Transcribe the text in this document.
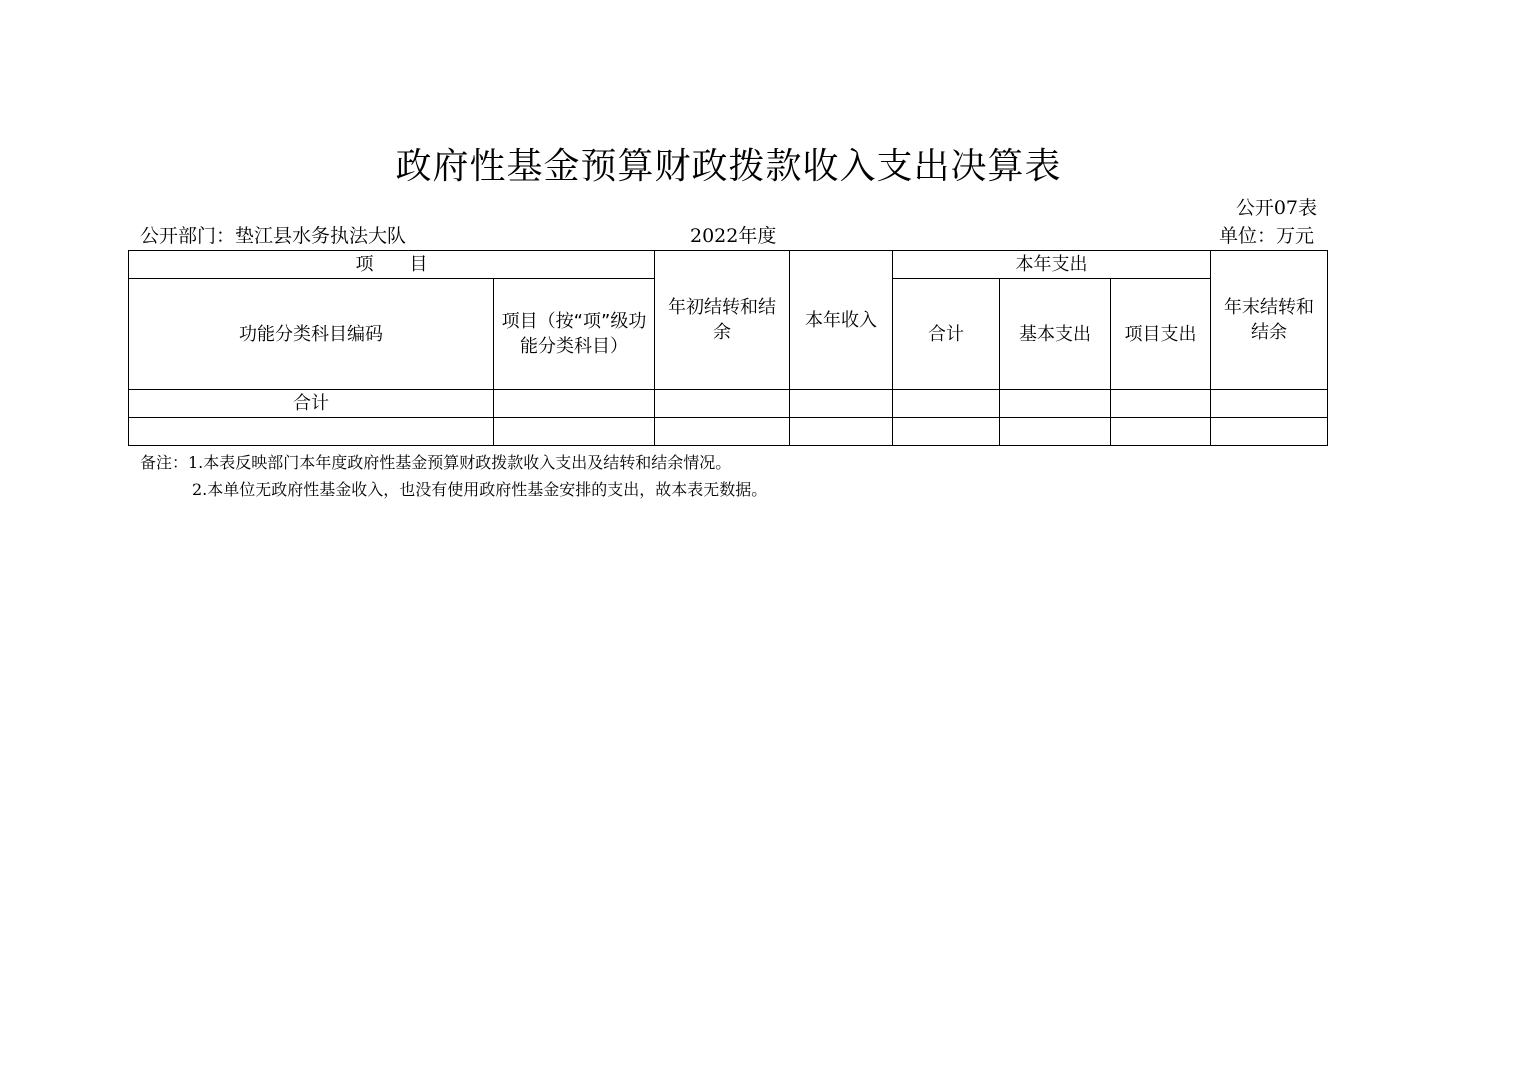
政府性基金预算财政拨款收入支出决算表
公开07表
公开部门：垫江县水务执法大队	2022年度	单位：万元
项　　目		年初结转和结余	本年收入	本年支出			年末结转和结余
功能分类科目编码	项目（按“项”级功能分类科目）			合计	基本支出	项目支出	
合计							

备注：1.本表反映部门本年度政府性基金预算财政拨款收入支出及结转和结余情况。
2.本单位无政府性基金收入，也没有使用政府性基金安排的支出，故本表无数据。
